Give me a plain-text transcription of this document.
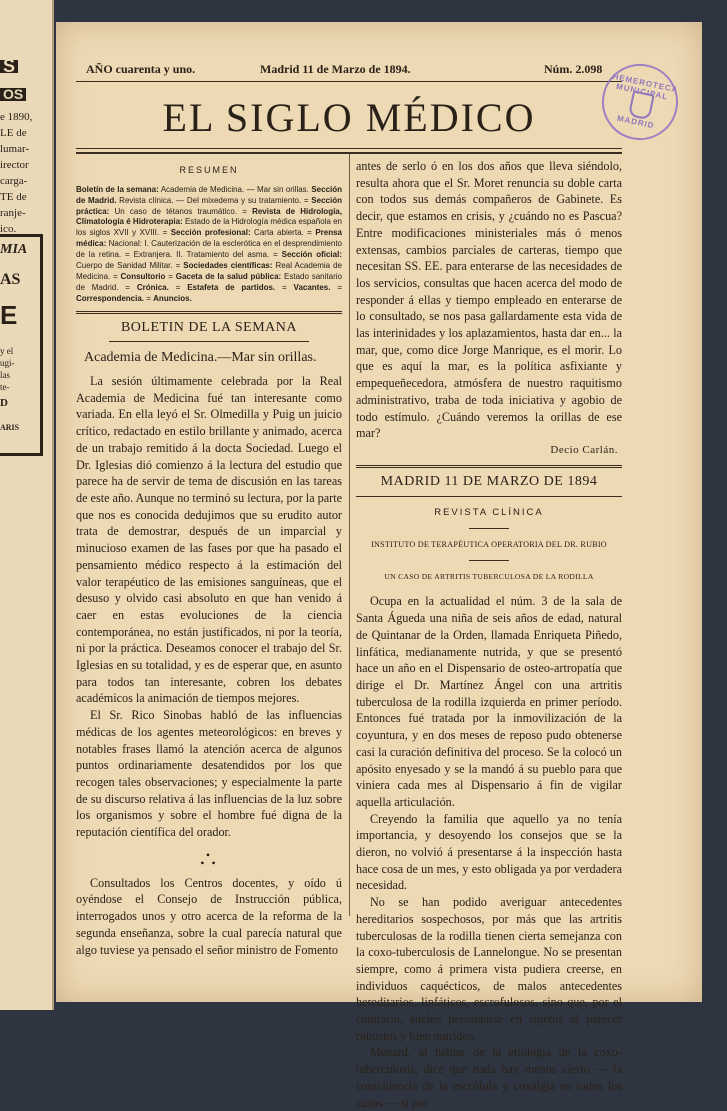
S
OS
e 1890,
LE de
lumar-
irector
carga-
TE de
ranje-
ico.
MIA
AS
E
y el
ugi-
las
te-
D
ARIS
AÑO cuarenta y uno.	Madrid 11 de Marzo de 1894.	Núm. 2.098
EL SIGLO MÉDICO
HEMEROTECA MUNICIPAL
MADRID
RESUMEN
Boletín de la semana: Academia de Medicina. — Mar sin orillas. Sección de Madrid. Revista clínica. — Del mixedema y su tratamiento. = Sección práctica: Un caso de tétanos traumático. = Revista de Hidrología, Climatología é Hidroterapia: Estado de la Hidrología médica española en los siglos XVII y XVIII. = Sección profesional: Carta abierta. = Prensa médica: Nacional: I. Cauterización de la esclerótica en el desprendimiento de la retina. = Extranjera. II. Tratamiento del asma. = Sección oficial: Cuerpo de Sanidad Militar. = Sociedades científicas: Real Academia de Medicina. = Consultorio = Gaceta de la salud pública: Estado sanitario de Madrid. = Crónica. = Estafeta de partidos. = Vacantes. = Correspondencia. = Anuncios.
BOLETIN DE LA SEMANA
Academia de Medicina.—Mar sin orillas.

La sesión últimamente celebrada por la Real Academia de Medicina fué tan interesante como variada. En ella leyó el Sr. Olmedilla y Puig un juicio crítico, redactado en estilo brillante y animado, acerca de un trabajo remitido á la docta Sociedad. Luego el Dr. Iglesias dió comienzo á la lectura del estudio que parece ha de servir de tema de discusión en las tareas de este año. Aunque no terminó su lectura, por la parte que nos es conocida dedujimos que su erudito autor trata de demostrar, después de un imparcial y minucioso examen de las fases por que ha pasado el pensamiento médico respecto á la estimación del valor terapéutico de las emisiones sanguíneas, que el desuso y olvido casi absoluto en que han venido á caer en estas evoluciones de la ciencia contemporánea, no están justificados, ni por la teoría, ni por la práctica. Deseamos conocer el trabajo del Sr. Iglesias en su totalidad, y es de esperar que, en asunto para todos tan interesante, cobren los debates académicos la animación de tiempos mejores.

El Sr. Rico Sinobas habló de las influencias médicas de los agentes meteorológicos: en breves y notables frases llamó la atención acerca de algunos puntos ordinariamente desatendidos por los que recogen tales observaciones; y especialmente la parte de su discurso relativa á las influencias de la luz sobre los organismos y sobre el hombre fué digna de la reputación científica del orador.

•
• •

Consultados los Centros docentes, y oído ú oyéndose el Consejo de Instrucción pública, interrogados unos y otro acerca de la reforma de la segunda enseñanza, sobre la cual parecía natural que algo tuviese ya pensado el señor ministro de Fomento

antes de serlo ó en los dos años que lleva siéndolo, resulta ahora que el Sr. Moret renuncia su doble carta con todos sus demás compañeros de Gabinete. Es decir, que estamos en crisis, y ¿cuándo no es Pascua? Entre modificaciones ministeriales más ó menos extensas, cambios parciales de carteras, tiempo que necesitan SS. EE. para enterarse de las necesidades de los servicios, consultas que hacen acerca del modo de responder á ellas y tiempo empleado en enterarse de lo consultado, se nos pasa gallardamente esta vida de las interinidades y los aplazamientos, hasta dar en... la mar, que, como dice Jorge Manrique, es el morir. Lo que es aquí la mar, es la política asfixiante y empequeñecedora, atmósfera de nuestro raquitismo administrativo, traba de toda iniciativa y agobio de todo estímulo. ¿Cuándo veremos la orillas de ese mar?

Decio Carlán.
MADRID 11 DE MARZO DE 1894
REVISTA CLÍNICA
INSTITUTO DE TERAPÉUTICA OPERATORIA DEL DR. RUBIO
UN CASO DE ARTRITIS TUBERCULOSA DE LA RODILLA

Ocupa en la actualidad el núm. 3 de la sala de Santa Águeda una niña de seis años de edad, natural de Quintanar de la Orden, llamada Enriqueta Piñedo, linfática, medianamente nutrida, y que se presentó hace un año en el Dispensario de osteo-artropatía que dirige el Dr. Martínez Ángel con una artritis tuberculosa de la rodilla izquierda en primer período. Entonces fué tratada por la inmovilización de la coyuntura, y en dos meses de reposo pudo obtenerse casi la curación definitiva del proceso. Se la colocó un apósito enyesado y se la mandó á su pueblo para que viniera cada mes al Dispensario á fin de vigilar aquella articulación.

Creyendo la familia que aquello ya no tenía importancia, y desoyendo los consejos que se la dieron, no volvió á presentarse á la inspección hasta hace cosa de un mes, y esto obligada ya por verdadera necesidad.

No se han podido averiguar antecedentes hereditarios sospechosos, por más que las artritis tuberculosas de la rodilla tienen cierta semejanza con la coxo-tuberculosis de Lannelongue. No se presentan siempre, como á primera vista pudiera creerse, en individuos caquécticos, de malos antecedentes hereditarios, linfáticos, escrofulosos, sino que, por el contrario, suelen presentarse en sujetos al parecer robustos y bien nutridos.

Menard, al hablar de la etiología de la coxo-tuberculosis, dice que nada hay menos cierto — la coincidencia de la escrófula y coxalgia en todos los casos — si por
